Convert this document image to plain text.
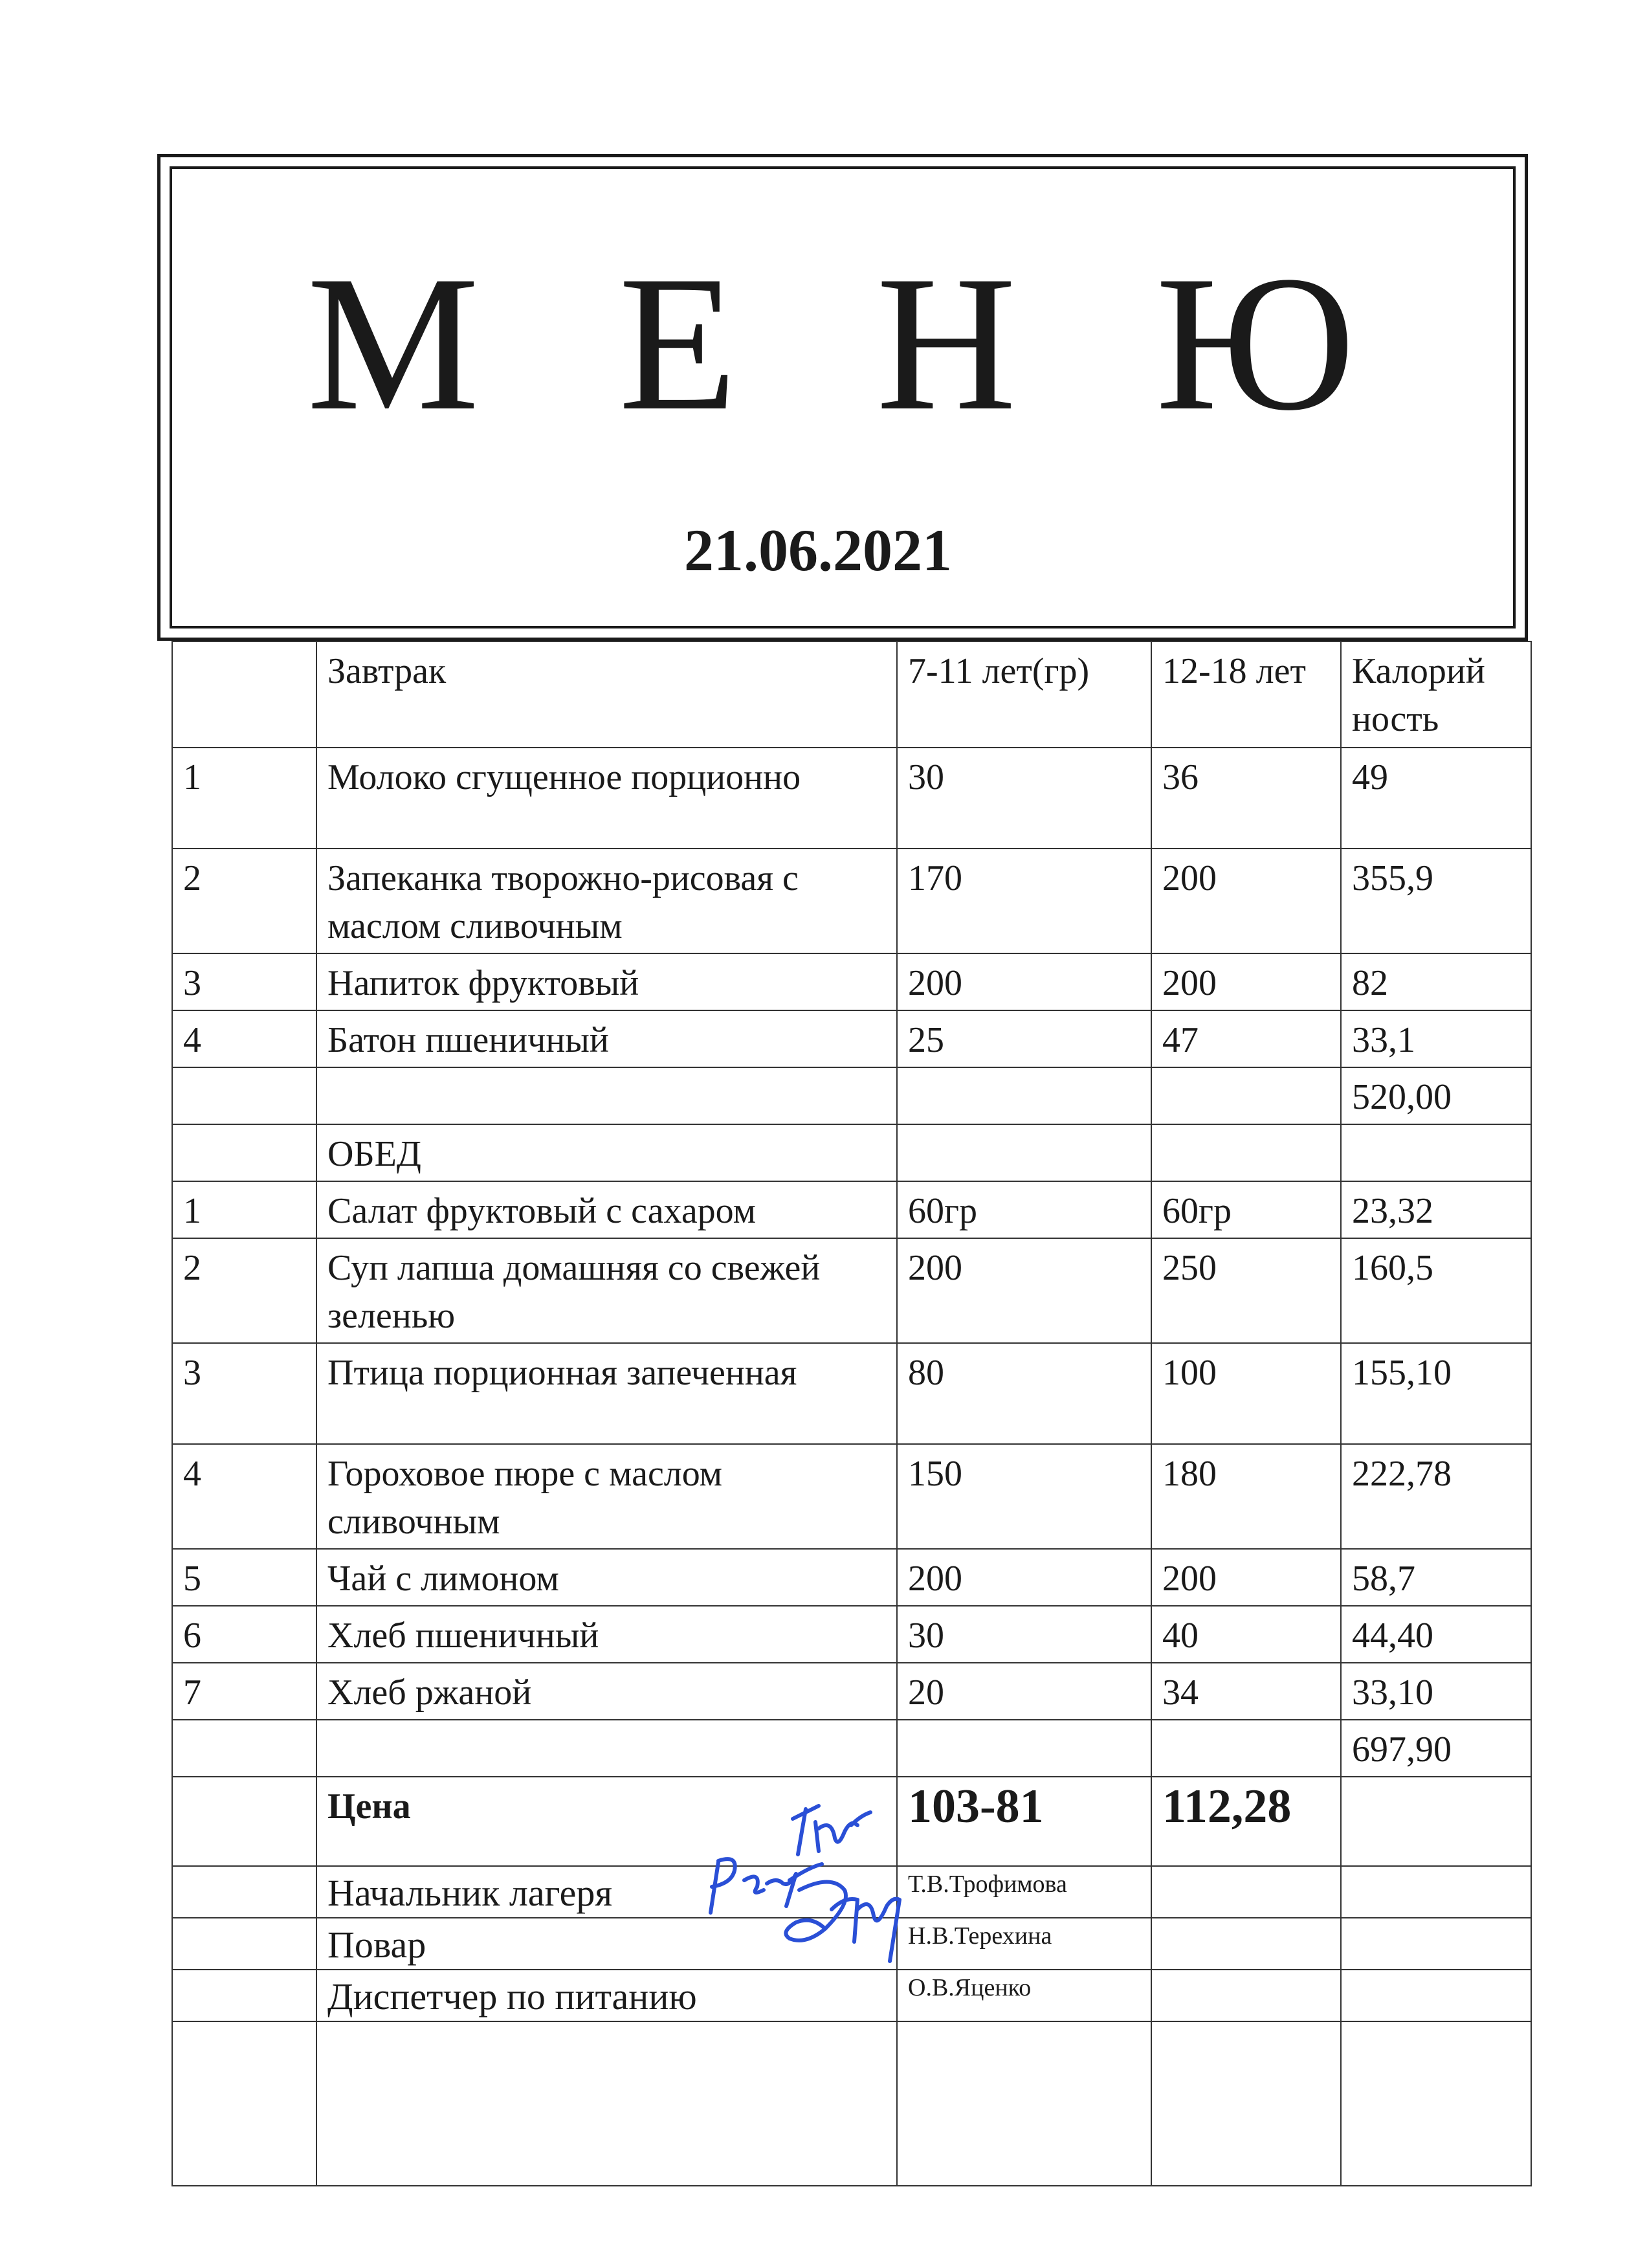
М Е Н Ю
21.06.2021
	Завтрак	7-11 лет(гр)	12-18 лет	Калорий ность
1	Молоко сгущенное порционно	30	36	49
2	Запеканка творожно-рисовая с маслом сливочным	170	200	355,9
3	Напиток фруктовый	200	200	82
4	Батон пшеничный	25	47	33,1
				520,00
	ОБЕД			
1	Салат фруктовый с сахаром	60гр	60гр	23,32
2	Суп лапша домашняя со свежей зеленью	200	250	160,5
3	Птица порционная запеченная	80	100	155,10
4	Гороховое пюре с маслом сливочным	150	180	222,78
5	Чай с лимоном	200	200	58,7
6	Хлеб пшеничный	30	40	44,40
7	Хлеб ржаной	20	34	33,10
				697,90
	Цена	103-81	112,28	
	Начальник лагеря	Т.В.Трофимова		
	Повар	Н.В.Терехина		
	Диспетчер по питанию	О.В.Яценко		
